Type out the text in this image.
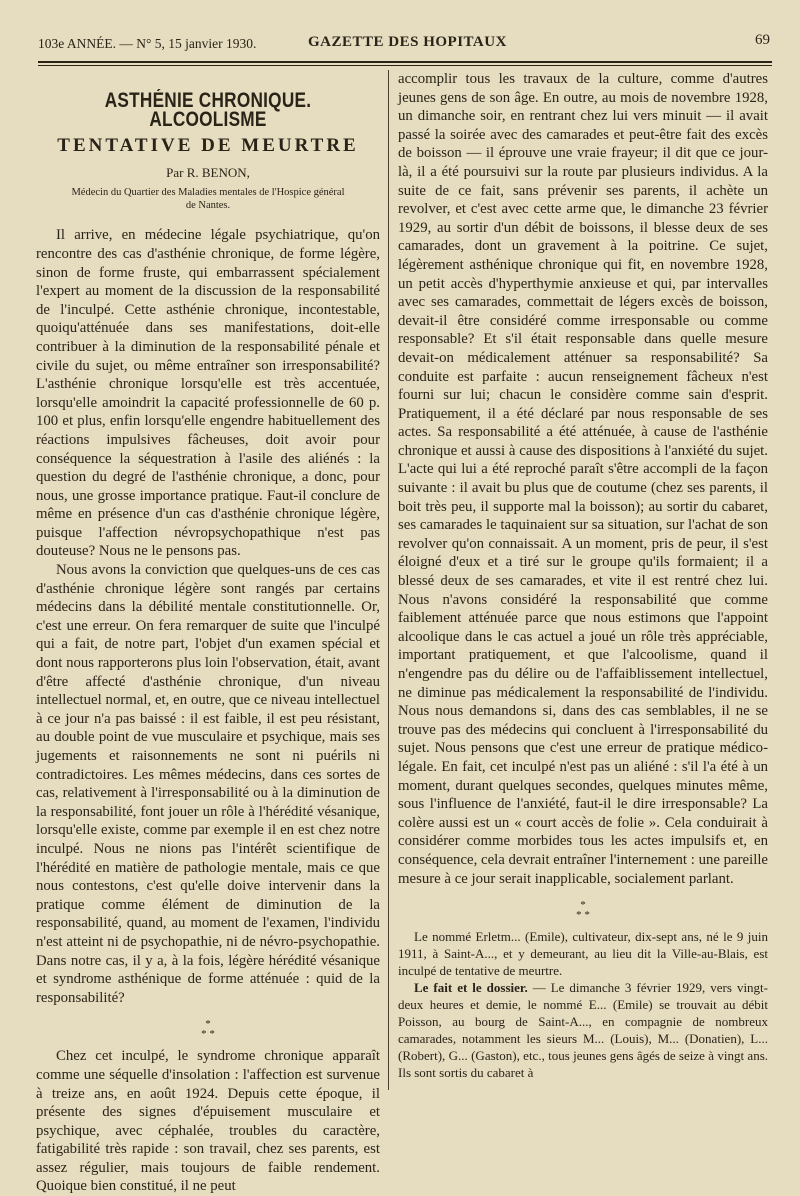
103e ANNÉE. — N° 5, 15 janvier 1930.	GAZETTE DES HOPITAUX	69
ASTHÉNIE CHRONIQUE. ALCOOLISME
TENTATIVE DE MEURTRE
Par R. BENON,
Médecin du Quartier des Maladies mentales de l'Hospice général de Nantes.

Il arrive, en médecine légale psychiatrique, qu'on rencontre des cas d'asthénie chronique, de forme légère, sinon de forme fruste, qui embarrassent spécialement l'expert au moment de la discussion de la responsabilité de l'inculpé. Cette asthénie chronique, incontestable, quoiqu'atténuée dans ses manifestations, doit-elle contribuer à la diminution de la responsabilité pénale et civile du sujet, ou même entraîner son irresponsabilité? L'asthénie chronique lorsqu'elle est très accentuée, lorsqu'elle amoindrit la capacité professionnelle de 60 p. 100 et plus, enfin lorsqu'elle engendre habituellement des réactions impulsives fâcheuses, doit avoir pour conséquence la séquestration à l'asile des aliénés : la question du degré de l'asthénie chronique, a donc, pour nous, une grosse importance pratique. Faut-il conclure de même en présence d'un cas d'asthénie chronique légère, puisque l'affection névropsychopathique n'est pas douteuse? Nous ne le pensons pas.

Nous avons la conviction que quelques-uns de ces cas d'asthénie chronique légère sont rangés par certains médecins dans la débilité mentale constitutionnelle. Or, c'est une erreur. On fera remarquer de suite que l'inculpé qui a fait, de notre part, l'objet d'un examen spécial et dont nous rapporterons plus loin l'observation, était, avant d'être affecté d'asthénie chronique, d'un niveau intellectuel normal, et, en outre, que ce niveau intellectuel à ce jour n'a pas baissé : il est faible, il est peu résistant, au double point de vue musculaire et psychique, mais ses jugements et raisonnements ne sont ni puérils ni contradictoires. Les mêmes médecins, dans ces sortes de cas, relativement à l'irresponsabilité ou à la diminution de la responsabilité, font jouer un rôle à l'hérédité vésanique, lorsqu'elle existe, comme par exemple il en est chez notre inculpé. Nous ne nions pas l'intérêt scientifique de l'hérédité en matière de pathologie mentale, mais ce que nous contestons, c'est qu'elle doive intervenir dans la pratique comme élément de diminution de la responsabilité, quand, au moment de l'examen, l'individu n'est atteint ni de psychopathie, ni de névro-psychopathie. Dans notre cas, il y a, à la fois, légère hérédité vésanique et syndrome asthénique de forme atténuée : quid de la responsabilité?

*
* *

Chez cet inculpé, le syndrome chronique apparaît comme une séquelle d'insolation : l'affection est survenue à treize ans, en août 1924. Depuis cette époque, il présente des signes d'épuisement musculaire et psychique, avec céphalée, troubles du caractère, fatigabilité très rapide : son travail, chez ses parents, est assez régulier, mais toujours de faible rendement. Quoique bien constitué, il ne peut

accomplir tous les travaux de la culture, comme d'autres jeunes gens de son âge. En outre, au mois de novembre 1928, un dimanche soir, en rentrant chez lui vers minuit — il avait passé la soirée avec des camarades et peut-être fait des excès de boisson — il éprouve une vraie frayeur; il dit que ce jour-là, il a été poursuivi sur la route par plusieurs individus. A la suite de ce fait, sans prévenir ses parents, il achète un revolver, et c'est avec cette arme que, le dimanche 23 février 1929, au sortir d'un débit de boissons, il blesse deux de ses camarades, dont un gravement à la poitrine. Ce sujet, légèrement asthénique chronique qui fit, en novembre 1928, un petit accès d'hyperthymie anxieuse et qui, par intervalles avec ses camarades, commettait de légers excès de boisson, devait-il être considéré comme irresponsable ou comme responsable? Et s'il était responsable dans quelle mesure devait-on médicalement atténuer sa responsabilité? Sa conduite est parfaite : aucun renseignement fâcheux n'est fourni sur lui; chacun le considère comme sain d'esprit. Pratiquement, il a été déclaré par nous responsable de ses actes. Sa responsabilité a été atténuée, à cause de l'asthénie chronique et aussi à cause des dispositions à l'anxiété du sujet. L'acte qui lui a été reproché paraît s'être accompli de la façon suivante : il avait bu plus que de coutume (chez ses parents, il boit très peu, il supporte mal la boisson); au sortir du cabaret, ses camarades le taquinaient sur sa situation, sur l'achat de son revolver qu'on connaissait. A un moment, pris de peur, il s'est éloigné d'eux et a tiré sur le groupe qu'ils formaient; il a blessé deux de ses camarades, et vite il est rentré chez lui. Nous n'avons considéré la responsabilité que comme faiblement atténuée parce que nous estimons que l'appoint alcoolique dans le cas actuel a joué un rôle très appréciable, important pratiquement, et que l'alcoolisme, quand il n'engendre pas du délire ou de l'affaiblissement intellectuel, ne diminue pas médicalement la responsabilité de l'individu. Nous nous demandons si, dans des cas semblables, il ne se trouve pas des médecins qui concluent à l'irresponsabilité du sujet. Nous pensons que c'est une erreur de pratique médico-légale. En fait, cet inculpé n'est pas un aliéné : s'il l'a été à un moment, durant quelques secondes, quelques minutes même, sous l'influence de l'anxiété, faut-il le dire irresponsable? La colère aussi est un « court accès de folie ». Cela conduirait à considérer comme morbides tous les actes impulsifs et, en conséquence, cela devrait entraîner l'internement : une pareille mesure à ce jour serait inapplicable, socialement parlant.

*
* *

Le nommé Erletm... (Emile), cultivateur, dix-sept ans, né le 9 juin 1911, à Saint-A..., et y demeurant, au lieu dit la Ville-au-Blais, est inculpé de tentative de meurtre.

Le fait et le dossier. — Le dimanche 3 février 1929, vers vingt-deux heures et demie, le nommé E... (Emile) se trouvait au débit Poisson, au bourg de Saint-A..., en compagnie de nombreux camarades, notamment les sieurs M... (Louis), M... (Donatien), L... (Robert), G... (Gaston), etc., tous jeunes gens âgés de seize à vingt ans. Ils sont sortis du cabaret à
